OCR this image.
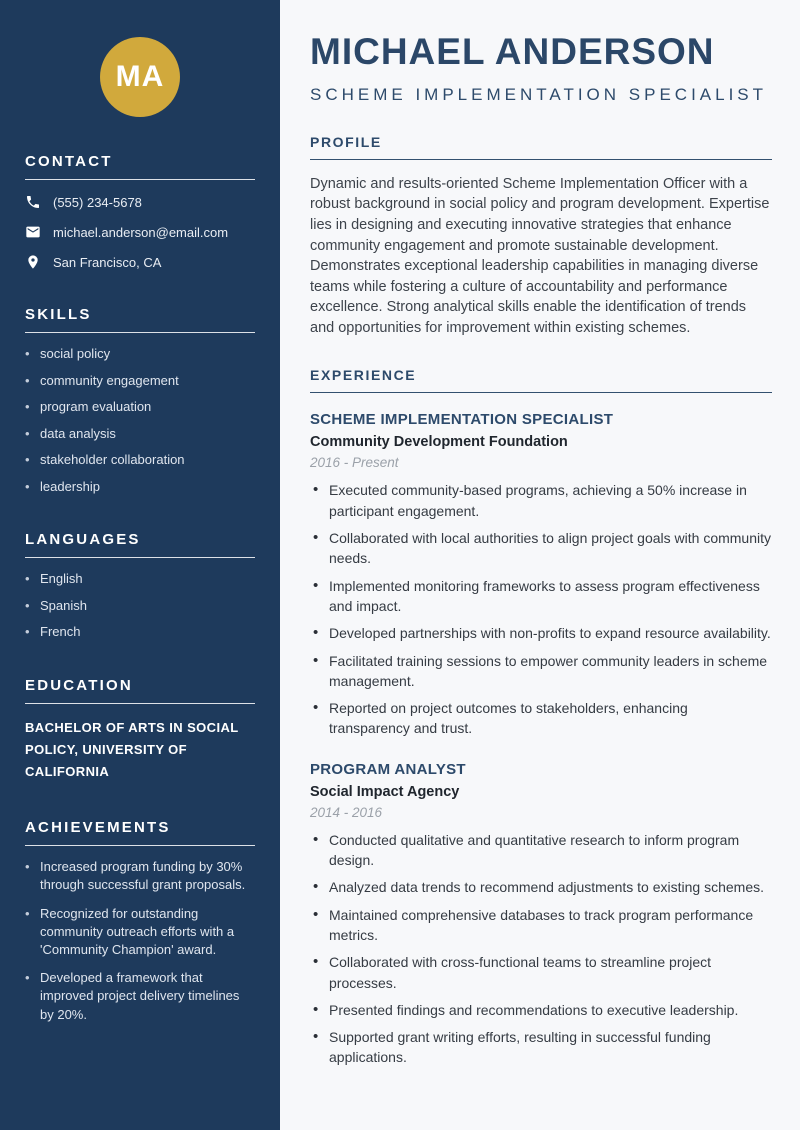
MA
CONTACT
(555) 234-5678
michael.anderson@email.com
San Francisco, CA
SKILLS
• social policy
• community engagement
• program evaluation
• data analysis
• stakeholder collaboration
• leadership
LANGUAGES
• English
• Spanish
• French
EDUCATION
BACHELOR OF ARTS IN SOCIAL POLICY, UNIVERSITY OF CALIFORNIA
ACHIEVEMENTS
• Increased program funding by 30% through successful grant proposals.
• Recognized for outstanding community outreach efforts with a 'Community Champion' award.
• Developed a framework that improved project delivery timelines by 20%.
MICHAEL ANDERSON
SCHEME IMPLEMENTATION SPECIALIST
PROFILE

Dynamic and results-oriented Scheme Implementation Officer with a robust background in social policy and program development. Expertise lies in designing and executing innovative strategies that enhance community engagement and promote sustainable development. Demonstrates exceptional leadership capabilities in managing diverse teams while fostering a culture of accountability and performance excellence. Strong analytical skills enable the identification of trends and opportunities for improvement within existing schemes.

EXPERIENCE
SCHEME IMPLEMENTATION SPECIALIST
Community Development Foundation
2016 - Present
• Executed community-based programs, achieving a 50% increase in participant engagement.
• Collaborated with local authorities to align project goals with community needs.
• Implemented monitoring frameworks to assess program effectiveness and impact.
• Developed partnerships with non-profits to expand resource availability.
• Facilitated training sessions to empower community leaders in scheme management.
• Reported on project outcomes to stakeholders, enhancing transparency and trust.
PROGRAM ANALYST
Social Impact Agency
2014 - 2016
• Conducted qualitative and quantitative research to inform program design.
• Analyzed data trends to recommend adjustments to existing schemes.
• Maintained comprehensive databases to track program performance metrics.
• Collaborated with cross-functional teams to streamline project processes.
• Presented findings and recommendations to executive leadership.
• Supported grant writing efforts, resulting in successful funding applications.
